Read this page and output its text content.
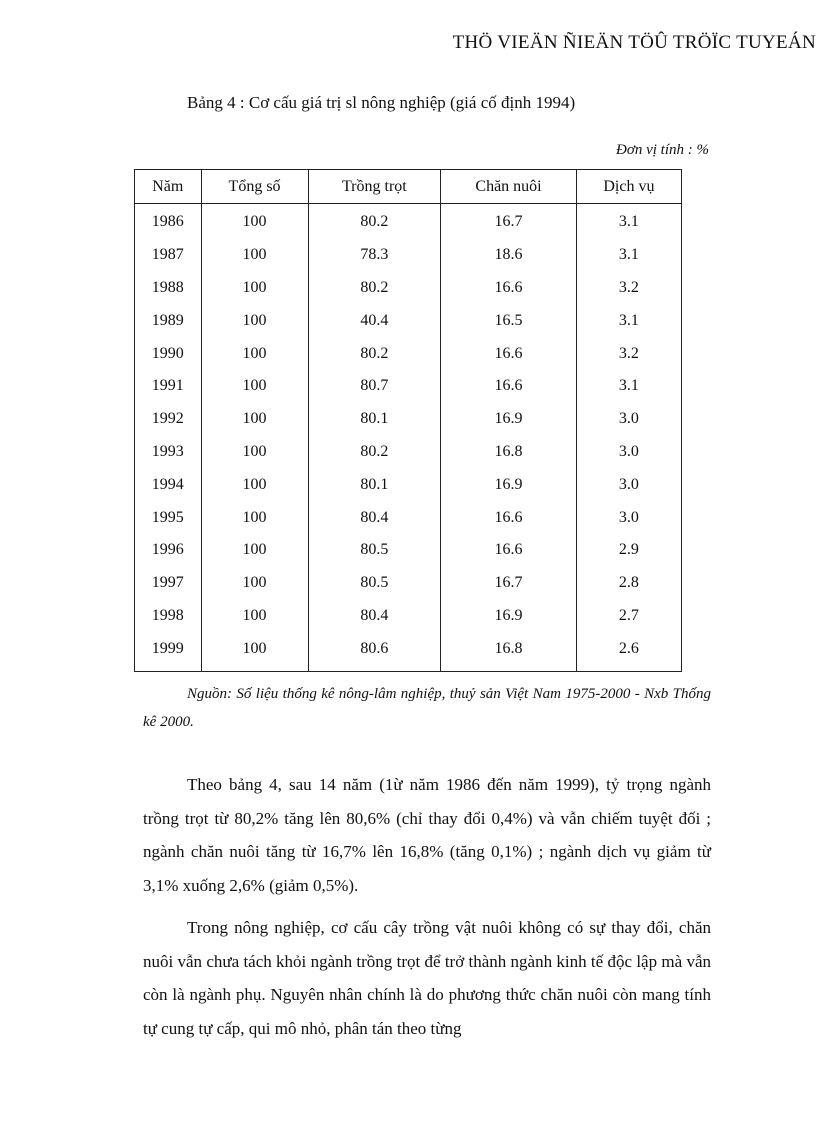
THÖ VIEÄN ÑIEÄN TÖÛ TRÖÏC TUYEÁN
Bảng 4 : Cơ cấu giá trị sl nông nghiệp (giá cố định 1994)
Đơn vị tính : %
Năm	Tổng số	Trồng trọt	Chăn nuôi	Dịch vụ
1986	100	80.2	16.7	3.1
1987	100	78.3	18.6	3.1
1988	100	80.2	16.6	3.2
1989	100	40.4	16.5	3.1
1990	100	80.2	16.6	3.2
1991	100	80.7	16.6	3.1
1992	100	80.1	16.9	3.0
1993	100	80.2	16.8	3.0
1994	100	80.1	16.9	3.0
1995	100	80.4	16.6	3.0
1996	100	80.5	16.6	2.9
1997	100	80.5	16.7	2.8
1998	100	80.4	16.9	2.7
1999	100	80.6	16.8	2.6
Nguồn: Số liệu thống kê nông-lâm nghiệp, thuỷ sản Việt Nam 1975-2000 - Nxb Thống kê 2000.

Theo bảng 4, sau 14 năm (1ừ năm 1986 đến năm 1999), tỷ trọng ngành trồng trọt từ 80,2% tăng lên 80,6% (chỉ thay đổi 0,4%) và vẫn chiếm tuyệt đối ; ngành chăn nuôi tăng từ 16,7% lên 16,8% (tăng 0,1%) ; ngành dịch vụ giảm từ 3,1% xuống 2,6% (giảm 0,5%).

Trong nông nghiệp, cơ cấu cây trồng vật nuôi không có sự thay đổi, chăn nuôi vẫn chưa tách khỏi ngành trồng trọt để trở thành ngành kinh tế độc lập mà vẫn còn là ngành phụ. Nguyên nhân chính là do phương thức chăn nuôi còn mang tính tự cung tự cấp, qui mô nhỏ, phân tán theo từng
